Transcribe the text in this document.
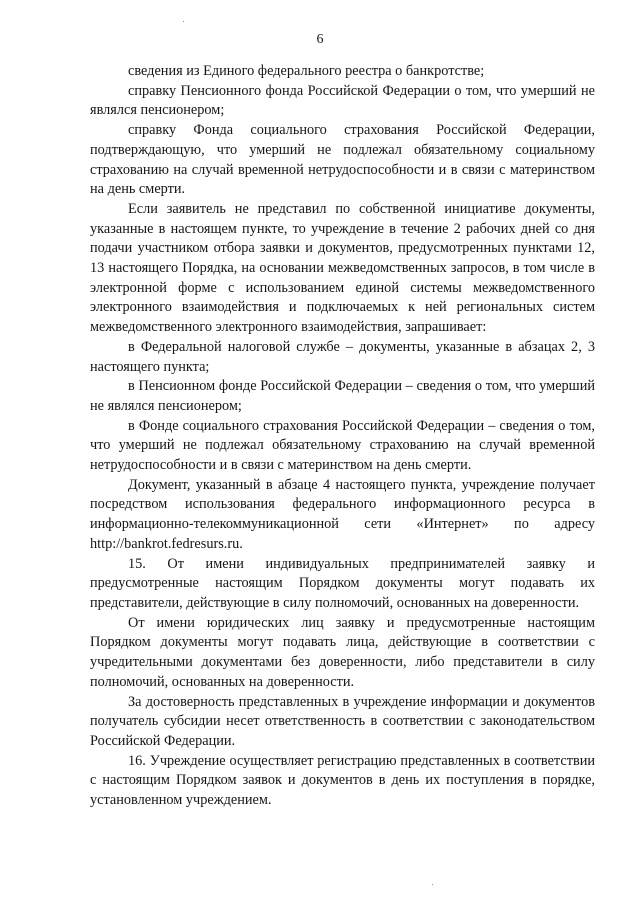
6

сведения из Единого федерального реестра о банкротстве;

справку Пенсионного фонда Российской Федерации о том, что умерший не являлся пенсионером;

справку Фонда социального страхования Российской Федерации, подтверждающую, что умерший не подлежал обязательному социальному страхованию на случай временной нетрудоспособности и в связи с материнством на день смерти.

Если заявитель не представил по собственной инициативе документы, указанные в настоящем пункте, то учреждение в течение 2 рабочих дней со дня подачи участником отбора заявки и документов, предусмотренных пунктами 12, 13 настоящего Порядка, на основании межведомственных запросов, в том числе в электронной форме с использованием единой системы межведомственного электронного взаимодействия и подключаемых к ней региональных систем межведомственного электронного взаимодействия, запрашивает:

в Федеральной налоговой службе – документы, указанные в абзацах 2, 3 настоящего пункта;

в Пенсионном фонде Российской Федерации – сведения о том, что умерший не являлся пенсионером;

в Фонде социального страхования Российской Федерации – сведения о том, что умерший не подлежал обязательному страхованию на случай временной нетрудоспособности и в связи с материнством на день смерти.

Документ, указанный в абзаце 4 настоящего пункта, учреждение получает посредством использования федерального информационного ресурса в информационно-телекоммуникационной сети «Интернет» по адресу http://bankrot.fedresurs.ru.

15. От имени индивидуальных предпринимателей заявку и предусмотренные настоящим Порядком документы могут подавать их представители, действующие в силу полномочий, основанных на доверенности.

От имени юридических лиц заявку и предусмотренные настоящим Порядком документы могут подавать лица, действующие в соответствии с учредительными документами без доверенности, либо представители в силу полномочий, основанных на доверенности.

За достоверность представленных в учреждение информации и документов получатель субсидии несет ответственность в соответствии с законодательством Российской Федерации.

16. Учреждение осуществляет регистрацию представленных в соответствии с настоящим Порядком заявок и документов в день их поступления в порядке, установленном учреждением.
